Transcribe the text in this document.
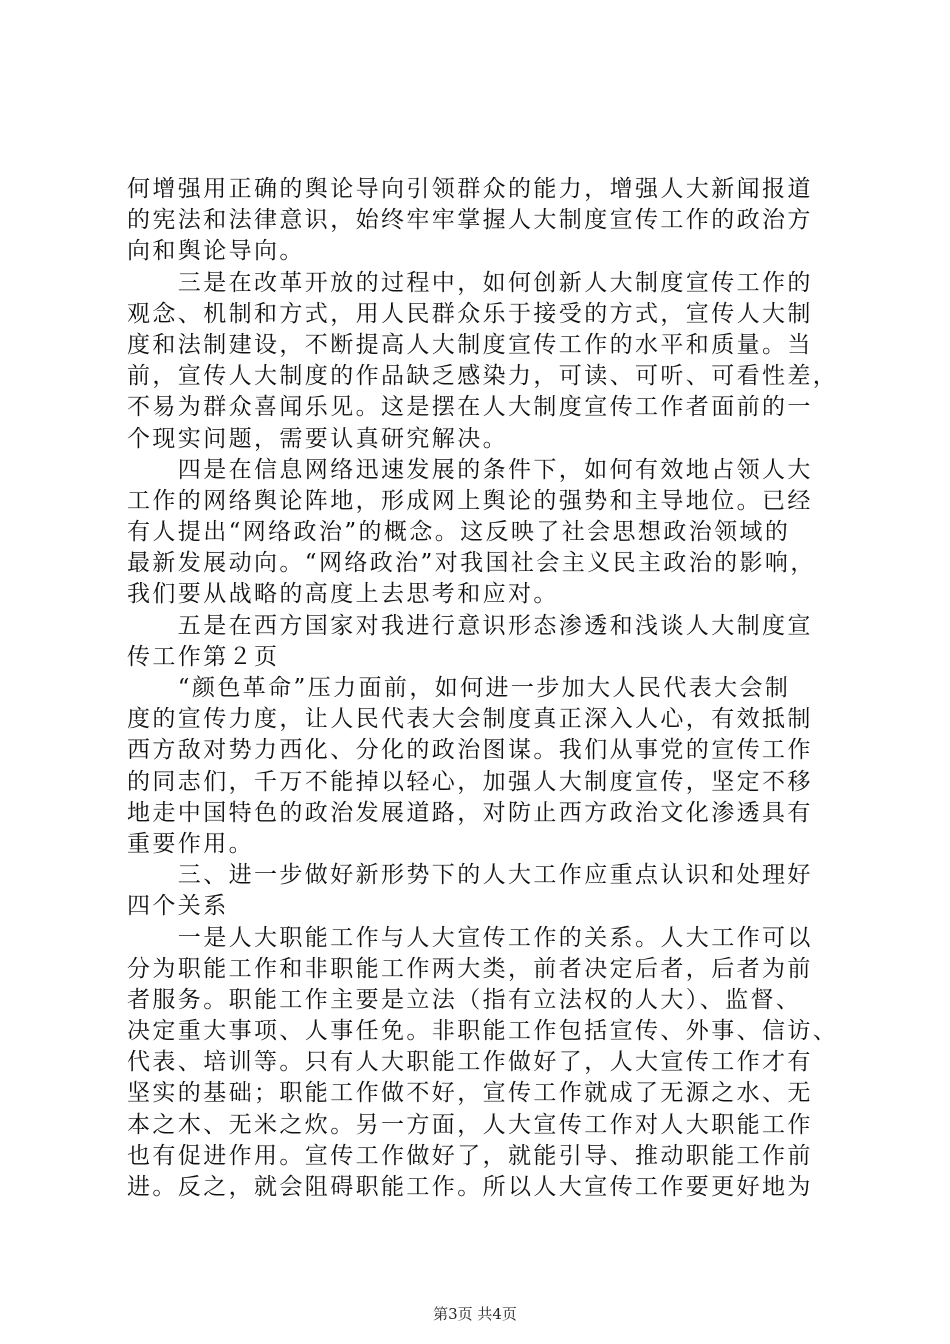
何增强用正确的舆论导向引领群众的能力，增强人大新闻报道
的宪法和法律意识，始终牢牢掌握人大制度宣传工作的政治方
向和舆论导向。
　　三是在改革开放的过程中，如何创新人大制度宣传工作的
观念、机制和方式，用人民群众乐于接受的方式，宣传人大制
度和法制建设，不断提高人大制度宣传工作的水平和质量。当
前，宣传人大制度的作品缺乏感染力，可读、可听、可看性差，
不易为群众喜闻乐见。这是摆在人大制度宣传工作者面前的一
个现实问题，需要认真研究解决。
　　四是在信息网络迅速发展的条件下，如何有效地占领人大
工作的网络舆论阵地，形成网上舆论的强势和主导地位。已经
有人提出“网络政治”的概念。这反映了社会思想政治领域的
最新发展动向。“网络政治”对我国社会主义民主政治的影响，
我们要从战略的高度上去思考和应对。
　　五是在西方国家对我进行意识形态渗透和浅谈人大制度宣
传工作第２页
　　“颜色革命”压力面前，如何进一步加大人民代表大会制
度的宣传力度，让人民代表大会制度真正深入人心，有效抵制
西方敌对势力西化、分化的政治图谋。我们从事党的宣传工作
的同志们，千万不能掉以轻心，加强人大制度宣传，坚定不移
地走中国特色的政治发展道路，对防止西方政治文化渗透具有
重要作用。
　　三、进一步做好新形势下的人大工作应重点认识和处理好
四个关系
　　一是人大职能工作与人大宣传工作的关系。人大工作可以
分为职能工作和非职能工作两大类，前者决定后者，后者为前
者服务。职能工作主要是立法（指有立法权的人大）、监督、
决定重大事项、人事任免。非职能工作包括宣传、外事、信访、
代表、培训等。只有人大职能工作做好了，人大宣传工作才有
坚实的基础；职能工作做不好，宣传工作就成了无源之水、无
本之木、无米之炊。另一方面，人大宣传工作对人大职能工作
也有促进作用。宣传工作做好了，就能引导、推动职能工作前
进。反之，就会阻碍职能工作。所以人大宣传工作要更好地为
第3页 共4页
